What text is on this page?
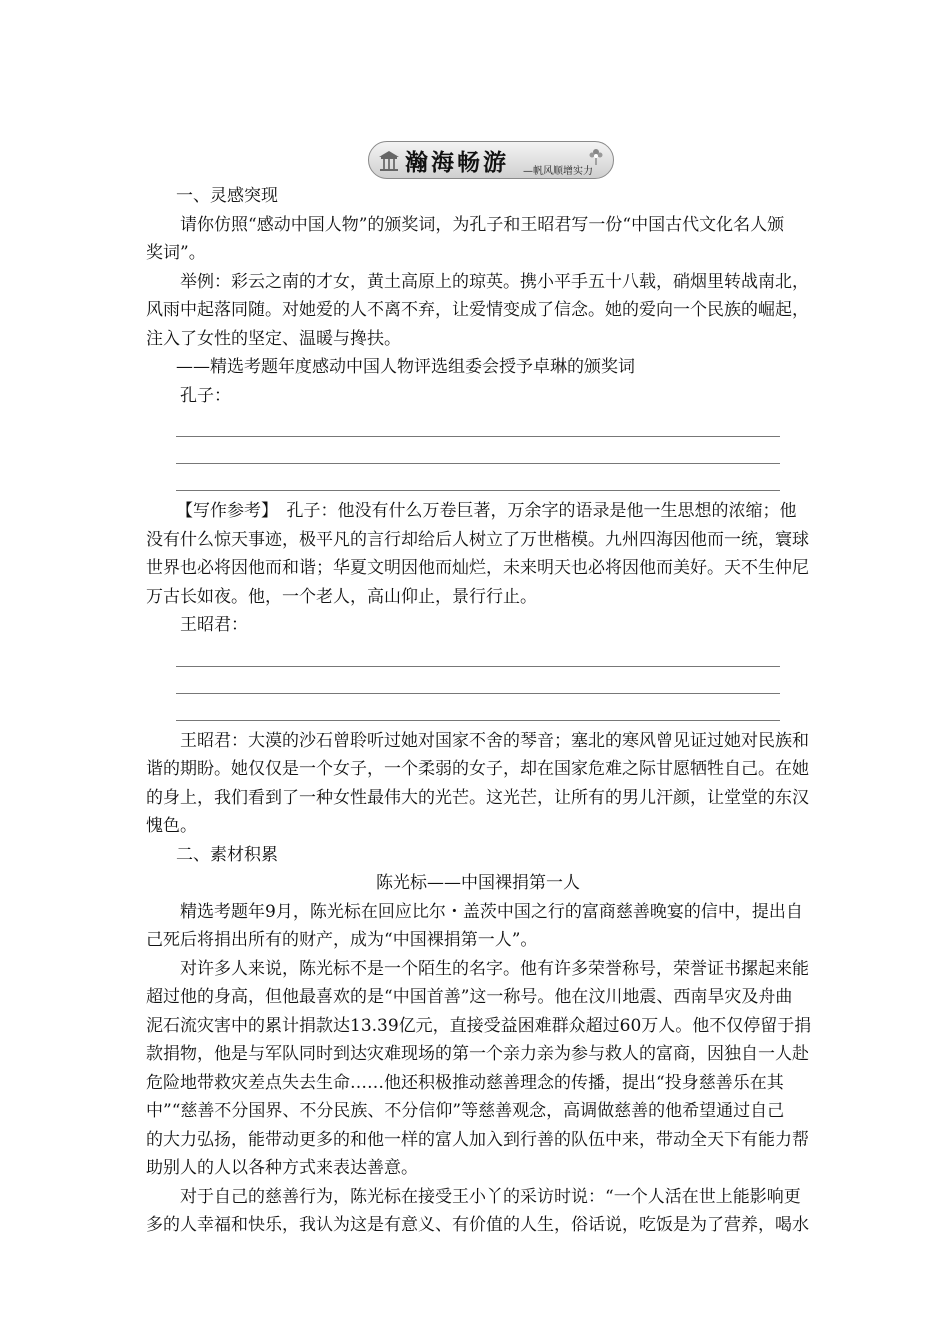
瀚海畅游 —帆风顺增实力
一、灵感突现
请你仿照“感动中国人物”的颁奖词，为孔子和王昭君写一份“中国古代文化名人颁
奖词”。
举例：彩云之南的才女，黄土高原上的琼英。携小平手五十八载，硝烟里转战南北，
风雨中起落同随。对她爱的人不离不弃，让爱情变成了信念。她的爱向一个民族的崛起，
注入了女性的坚定、温暖与搀扶。
——精选考题年度感动中国人物评选组委会授予卓琳的颁奖词
孔子：
【写作参考】　孔子：他没有什么万卷巨著，万余字的语录是他一生思想的浓缩；他
没有什么惊天事迹，极平凡的言行却给后人树立了万世楷模。九州四海因他而一统，寰球
世界也必将因他而和谐；华夏文明因他而灿烂，未来明天也必将因他而美好。天不生仲尼
万古长如夜。他，一个老人，高山仰止，景行行止。
王昭君：
王昭君：大漠的沙石曾聆听过她对国家不舍的琴音；塞北的寒风曾见证过她对民族和
谐的期盼。她仅仅是一个女子，一个柔弱的女子，却在国家危难之际甘愿牺牲自己。在她
的身上，我们看到了一种女性最伟大的光芒。这光芒，让所有的男儿汗颜，让堂堂的东汉
愧色。
二、素材积累
陈光标——中国裸捐第一人
精选考题年9月，陈光标在回应比尔・盖茨中国之行的富商慈善晚宴的信中，提出自
己死后将捐出所有的财产，成为“中国裸捐第一人”。
对许多人来说，陈光标不是一个陌生的名字。他有许多荣誉称号，荣誉证书摞起来能
超过他的身高，但他最喜欢的是“中国首善”这一称号。他在汶川地震、西南旱灾及舟曲
泥石流灾害中的累计捐款达13.39亿元，直接受益困难群众超过60万人。他不仅停留于捐
款捐物，他是与军队同时到达灾难现场的第一个亲力亲为参与救人的富商，因独自一人赴
危险地带救灾差点失去生命……他还积极推动慈善理念的传播，提出“投身慈善乐在其
中”“慈善不分国界、不分民族、不分信仰”等慈善观念，高调做慈善的他希望通过自己
的大力弘扬，能带动更多的和他一样的富人加入到行善的队伍中来，带动全天下有能力帮
助别人的人以各种方式来表达善意。
对于自己的慈善行为，陈光标在接受王小丫的采访时说：“一个人活在世上能影响更
多的人幸福和快乐，我认为这是有意义、有价值的人生，俗话说，吃饭是为了营养，喝水
